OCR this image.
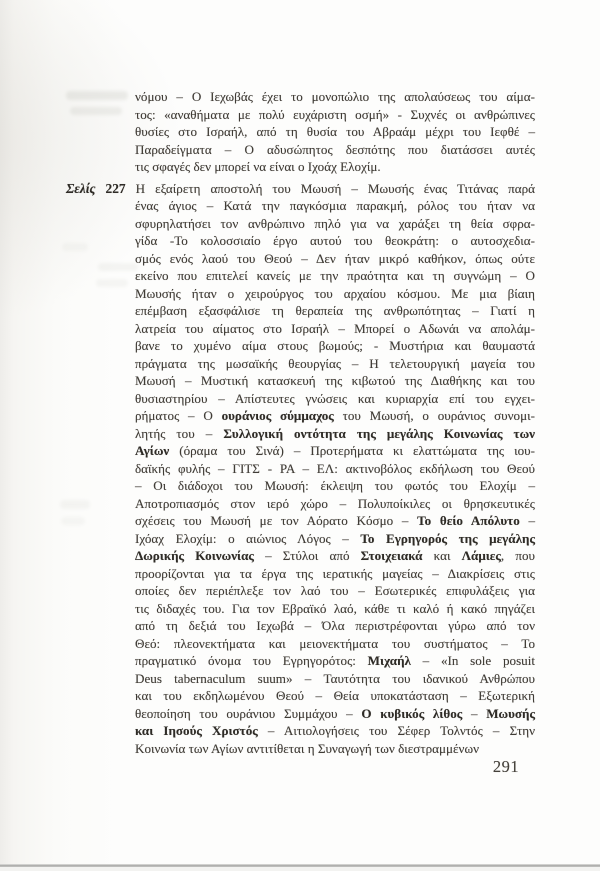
νόμου – Ο Ιεχωβάς έχει το μονοπώλιο της απολαύσεως του αίμα-
τος: «αναθήματα με πολύ ευχάριστη οσμή» - Συχνές οι ανθρώπινες
θυσίες στο Ισραήλ, από τη θυσία του Αβραάμ μέχρι του Ιεφθέ –
Παραδείγματα – Ο αδυσώπητος δεσπότης που διατάσσει αυτές
τις σφαγές δεν μπορεί να είναι ο Ιχοάχ Ελοχίμ.
Σελίς 227 Η εξαίρετη αποστολή του Μωυσή – Μωυσής ένας Τιτάνας παρά
ένας άγιος – Κατά την παγκόσμια παρακμή, ρόλος του ήταν να
σφυρηλατήσει τον ανθρώπινο πηλό για να χαράξει τη θεία σφρα-
γίδα -Το κολοσσιαίο έργο αυτού του θεοκράτη: ο αυτοσχεδια-
σμός ενός λαού του Θεού – Δεν ήταν μικρό καθήκον, όπως ούτε
εκείνο που επιτελεί κανείς με την πραότητα και τη συγνώμη – Ο
Μωυσής ήταν ο χειρούργος του αρχαίου κόσμου. Με μια βίαιη
επέμβαση εξασφάλισε τη θεραπεία της ανθρωπότητας – Γιατί η
λατρεία του αίματος στο Ισραήλ – Μπορεί ο Αδωνάι να απολάμ-
βανε το χυμένο αίμα στους βωμούς; - Μυστήρια και θαυμαστά
πράγματα της μωσαϊκής θεουργίας – Η τελετουργική μαγεία του
Μωυσή – Μυστική κατασκευή της κιβωτού της Διαθήκης και του
θυσιαστηρίου – Απίστευτες γνώσεις και κυριαρχία επί του εγχει-
ρήματος – Ο ουράνιος σύμμαχος του Μωυσή, ο ουράνιος συνομι-
λητής του – Συλλογική οντότητα της μεγάλης Κοινωνίας των
Αγίων (όραμα του Σινά) – Προτερήματα κι ελαττώματα της ιου-
δαϊκής φυλής – ΓΙΤΣ - ΡΑ – ΕΛ: ακτινοβόλος εκδήλωση του Θεού
– Οι διάδοχοι του Μωυσή: έκλειψη του φωτός του Ελοχίμ –
Αποτροπιασμός στον ιερό χώρο – Πολυποίκιλες οι θρησκευτικές
σχέσεις του Μωυσή με τον Αόρατο Κόσμο – Το θείο Απόλυτο –
Ιχόαχ Ελοχίμ: ο αιώνιος Λόγος – Το Εγρηγορός της μεγάλης
Δωρικής Κοινωνίας – Στύλοι από Στοιχειακά και Λάμιες, που
προορίζονται για τα έργα της ιερατικής μαγείας – Διακρίσεις στις
οποίες δεν περιέπλεξε τον λαό του – Εσωτερικές επιφυλάξεις για
τις διδαχές του. Για τον Εβραϊκό λαό, κάθε τι καλό ή κακό πηγάζει
από τη δεξιά του Ιεχωβά – Όλα περιστρέφονται γύρω από τον
Θεό: πλεονεκτήματα και μειονεκτήματα του συστήματος – Το
πραγματικό όνομα του Εγρηγορότος: Μιχαήλ – «In sole posuit
Deus tabernaculum suum» – Ταυτότητα του ιδανικού Ανθρώπου
και του εκδηλωμένου Θεού – Θεία υποκατάσταση – Εξωτερική
θεοποίηση του ουράνιου Συμμάχου – Ο κυβικός λίθος – Μωυσής
και Ιησούς Χριστός – Αιτιολογήσεις του Σέφερ Τολντός – Στην
Κοινωνία των Αγίων αντιτίθεται η Συναγωγή των διεστραμμένων
291
